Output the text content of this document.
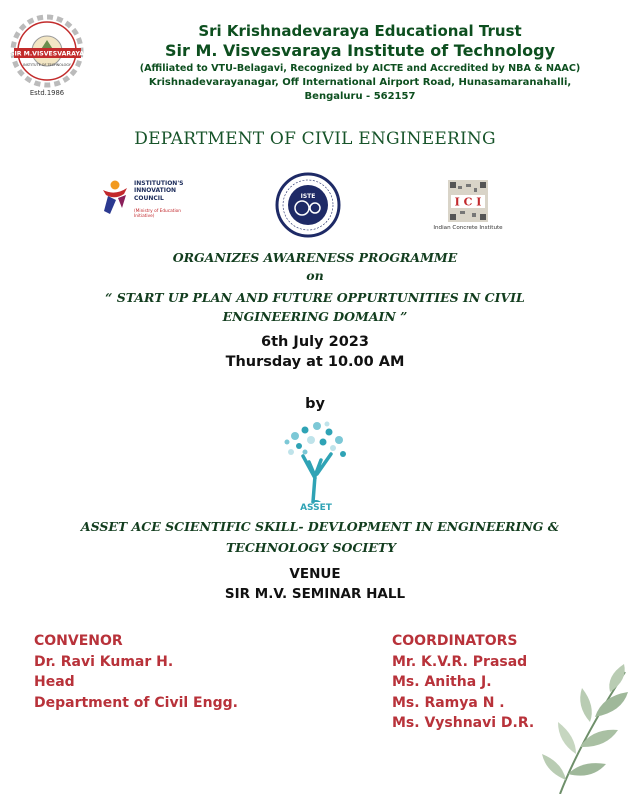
SIR M.VISVESVARAYA
INSTITUTE OF TECHNOLOGY
Estd.1986
Sri Krishnadevaraya Educational Trust
Sir M. Visvesvaraya Institute of Technology
(Affiliated to VTU-Belagavi, Recognized by AICTE and Accredited by NBA & NAAC)
Krishnadevarayanagar, Off International Airport Road, Hunasamaranahalli,
Bengaluru - 562157
DEPARTMENT OF CIVIL ENGINEERING
INSTITUTION'S
INNOVATION
COUNCIL
(Ministry of Education Initiative)
ISTE	I C I
Indian Concrete Institute
ORGANIZES AWARENESS PROGRAMME
on
“ START UP PLAN AND FUTURE OPPURTUNITIES IN CIVIL
ENGINEERING DOMAIN ”
6th July 2023
Thursday at 10.00 AM
by
ASSET
ASSET ACE SCIENTIFIC SKILL- DEVLOPMENT IN ENGINEERING &
TECHNOLOGY SOCIETY
VENUE
SIR M.V. SEMINAR HALL
CONVENOR
Dr. Ravi Kumar H.
Head
Department of Civil Engg.
COORDINATORS
Mr. K.V.R. Prasad
Ms. Anitha J.
Ms. Ramya N .
Ms. Vyshnavi D.R.
